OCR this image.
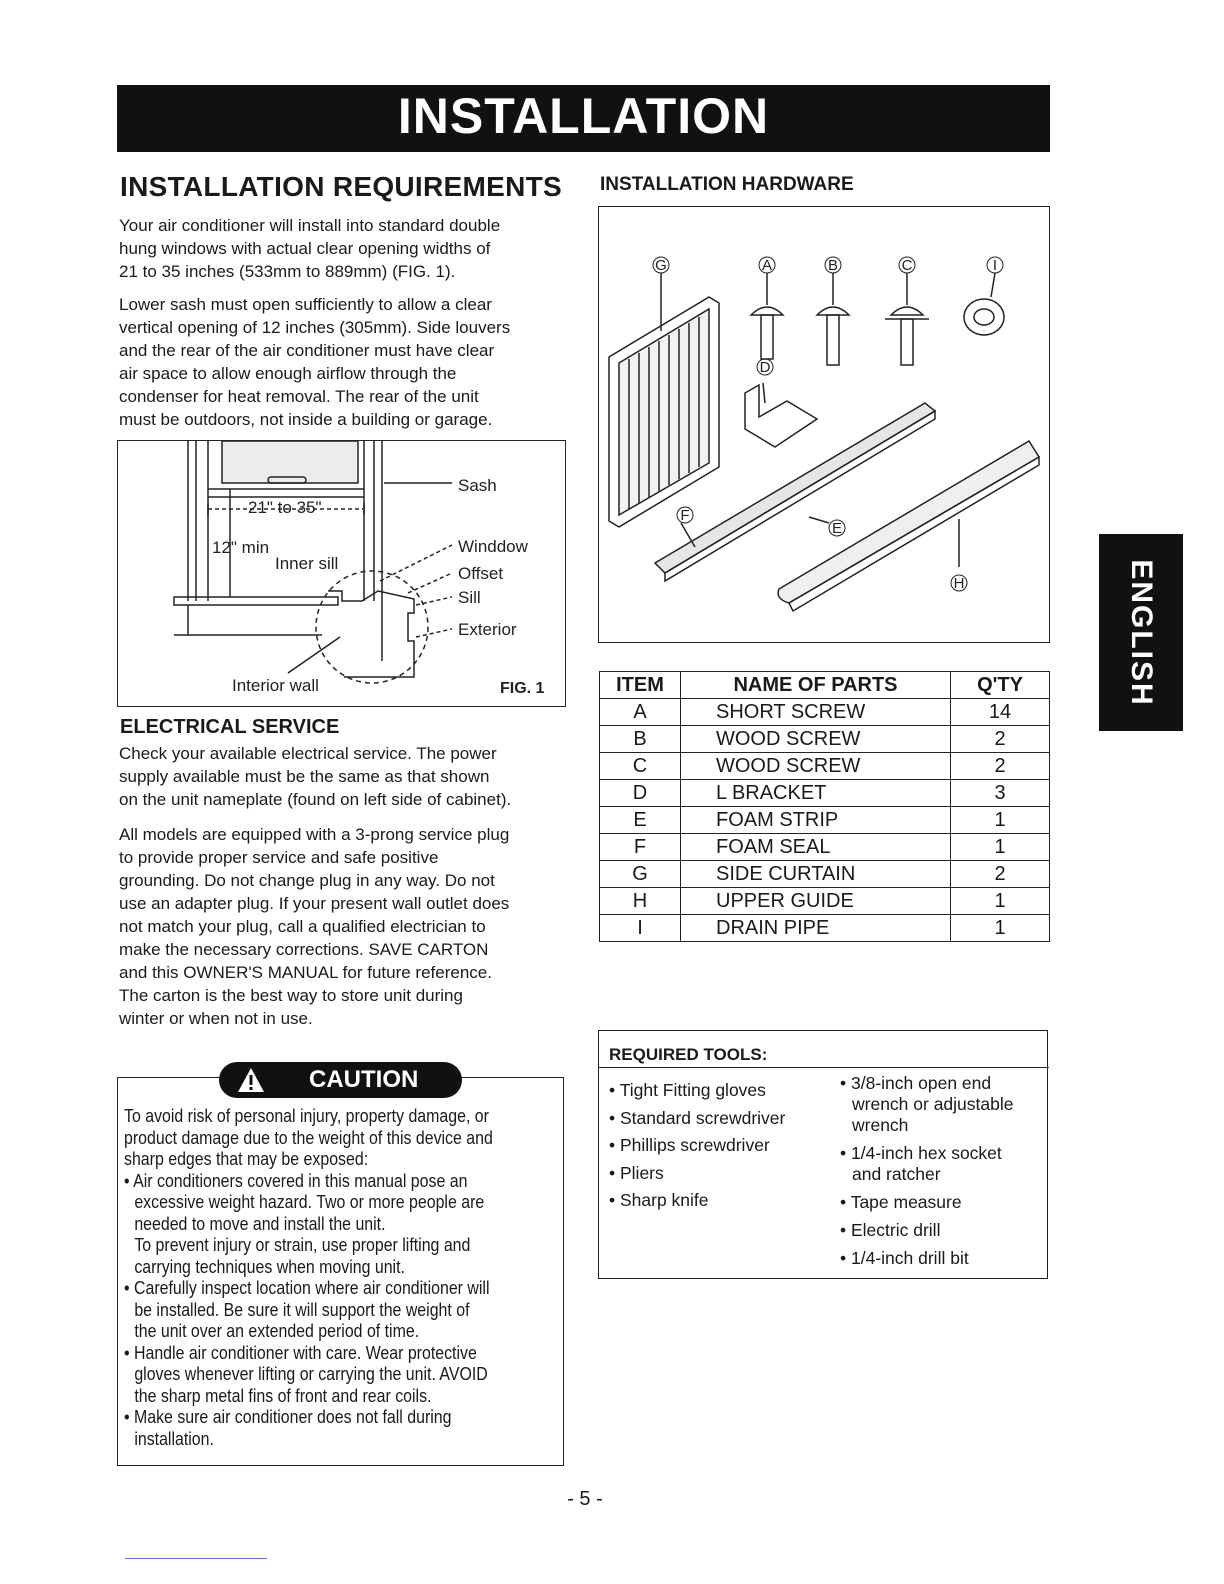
INSTALLATION
ENGLISH
INSTALLATION REQUIREMENTS

Your air conditioner will install into standard double
hung windows with actual clear opening widths of
21 to 35 inches (533mm to 889mm) (FIG. 1).

Lower sash must open sufficiently to allow a clear
vertical opening of 12 inches (305mm). Side louvers
and the rear of the air conditioner must have clear
air space to allow enough airflow through the
condenser for heat removal. The rear of the unit
must be outdoors, not inside a building or garage.

Sash
21" to 35"
12" min
Inner sill
Winddow
Offset
Sill
Exterior
Interior wall	FIG. 1
ELECTRICAL SERVICE

Check your available electrical service. The power
supply available must be the same as that shown
on the unit nameplate (found on left side of cabinet).

All models are equipped with a 3-prong service plug
to provide proper service and safe positive
grounding. Do not change plug in any way. Do not
use an adapter plug. If your present wall outlet does
not match your plug, call a qualified electrician to
make the necessary corrections. SAVE CARTON
and this OWNER'S MANUAL for future reference.
The carton is the best way to store unit during
winter or when not in use.

CAUTION
To avoid risk of personal injury, property damage, or
product damage due to the weight of this device and
sharp edges that may be exposed:
• Air conditioners covered in this manual pose an
excessive weight hazard. Two or more people are
needed to move and install the unit.
To prevent injury or strain, use proper lifting and
carrying techniques when moving unit.
• Carefully inspect location where air conditioner will
be installed. Be sure it will support the weight of
the unit over an extended period of time.
• Handle air conditioner with care. Wear protective
gloves whenever lifting or carrying the unit. AVOID
the sharp metal fins of front and rear coils.
• Make sure air conditioner does not fall during
installation.
INSTALLATION HARDWARE
G	A	B	C	I
D
F
E
H
ITEM	NAME OF PARTS	Q'TY
A	SHORT SCREW	14
B	WOOD SCREW	2
C	WOOD SCREW	2
D	L BRACKET	3
E	FOAM STRIP	1
F	FOAM SEAL	1
G	SIDE CURTAIN	2
H	UPPER GUIDE	1
I	DRAIN PIPE	1
REQUIRED TOOLS:
• Tight Fitting gloves
• Standard screwdriver
• Phillips screwdriver
• Pliers
• Sharp knife
• 3/8-inch open end
wrench or adjustable
wrench
• 1/4-inch hex socket
and ratcher
• Tape measure
• Electric drill
• 1/4-inch drill bit
- 5 -
